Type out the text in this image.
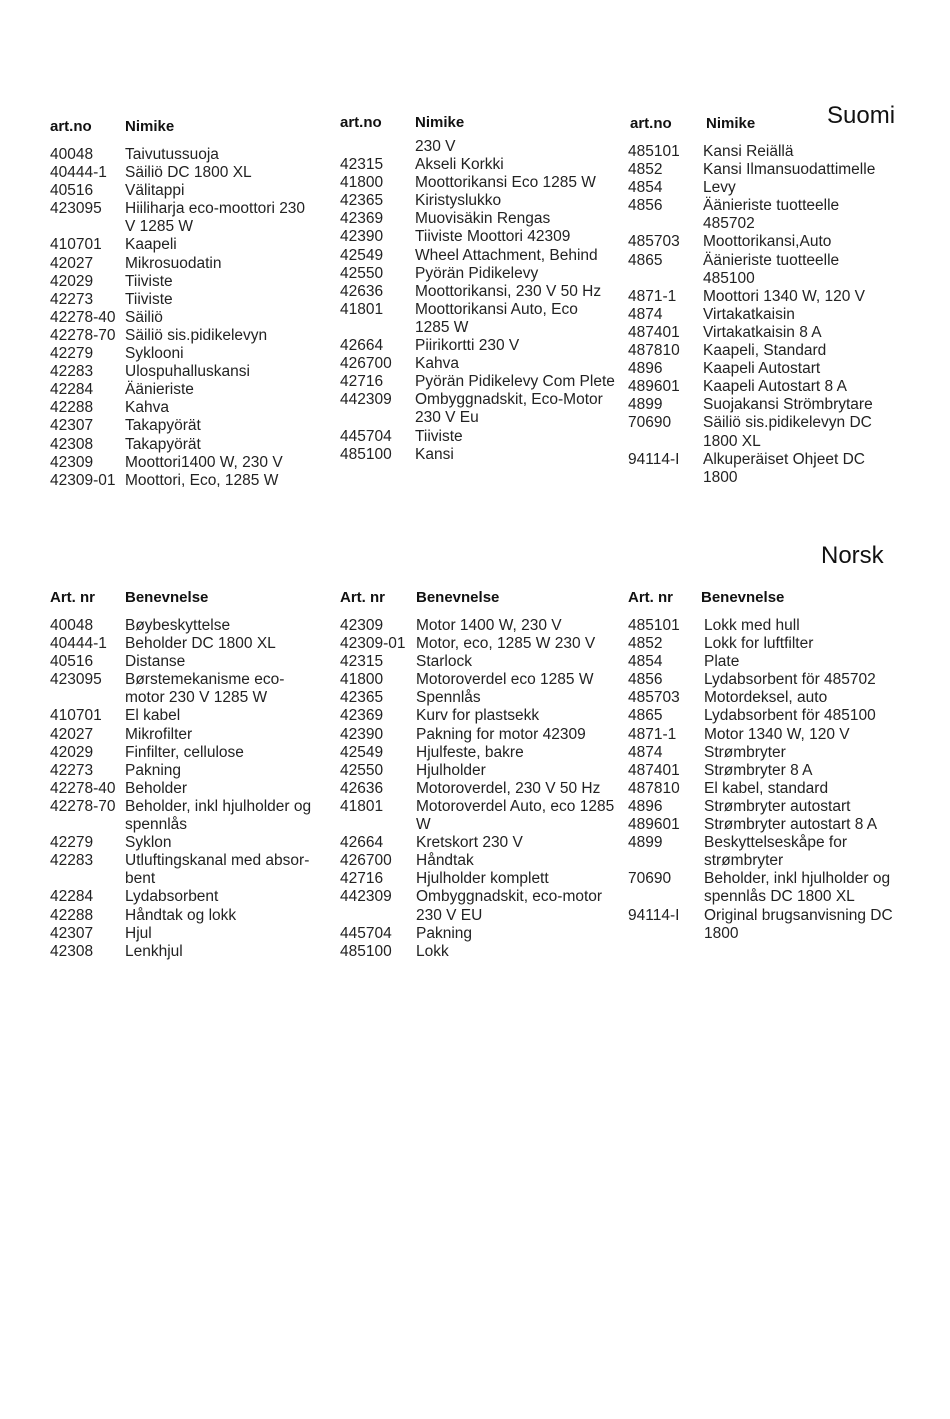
Suomi
art.no Nimike
40048	Taivutussuoja
40444-1	Säiliö DC 1800 XL
40516	Välitappi
423095	Hiiliharja eco-moottori 230 V 1285 W
410701	Kaapeli
42027	Mikrosuodatin
42029	Tiiviste
42273	Tiiviste
42278-40 Säiliö
42278-70 Säiliö sis.pidikelevyn
42279	Syklooni
42283	Ulospuhalluskansi
42284	Äänieriste
42288	Kahva
42307	Takapyörät
42308	Takapyörät
42309	Moottori1400 W, 230 V
42309-01 Moottori, Eco, 1285 W
art.no Nimike
230 V
42315	Akseli Korkki
41800	Moottorikansi Eco 1285 W
42365	Kiristyslukko
42369	Muovisäkin Rengas
42390	Tiiviste Moottori 42309
42549	Wheel Attachment, Behind
42550	Pyörän Pidikelevy
42636	Moottorikansi, 230 V 50 Hz
41801	Moottorikansi Auto, Eco 1285 W
42664	Piirikortti 230 V
426700	Kahva
42716	Pyörän Pidikelevy Com Plete
442309	Ombyggnadskit, Eco-Motor 230 V Eu
445704	Tiiviste
485100	Kansi
art.no Nimike
485101	Kansi Reiällä
4852	Kansi Ilmansuodattimelle
4854	Levy
4856	Äänieriste tuotteelle 485702
485703	Moottorikansi,Auto
4865	Äänieriste tuotteelle 485100
4871-1	Moottori 1340 W, 120 V
4874	Virtakatkaisin
487401	Virtakatkaisin 8 A
487810	Kaapeli, Standard
4896	Kaapeli Autostart
489601	Kaapeli Autostart 8 A
4899	Suojakansi Strömbrytare
70690	Säiliö sis.pidikelevyn DC 1800 XL
94114-I	Alkuperäiset Ohjeet DC 1800
Norsk
Art. nr Benevnelse
40048	Bøybeskyttelse
40444-1	Beholder DC 1800 XL
40516	Distanse
423095	Børstemekanisme eco-motor 230 V 1285 W
410701	El kabel
42027	Mikrofilter
42029	Finfilter, cellulose
42273	Pakning
42278-40 Beholder
42278-70 Beholder, inkl hjulholder og spennlås
42279	Syklon
42283	Utluftingskanal med absor-bent
42284	Lydabsorbent
42288	Håndtak og lokk
42307	Hjul
42308	Lenkhjul
Art. nr Benevnelse
42309	Motor 1400 W, 230 V
42309-01 Motor, eco, 1285 W 230 V
42315	Starlock
41800	Motoroverdel eco 1285 W
42365	Spennlås
42369	Kurv for plastsekk
42390	Pakning for motor 42309
42549	Hjulfeste, bakre
42550	Hjulholder
42636	Motoroverdel, 230 V 50 Hz
41801	Motoroverdel Auto, eco 1285 W
42664	Kretskort 230 V
426700	Håndtak
42716	Hjulholder komplett
442309	Ombyggnadskit, eco-motor 230 V EU
445704	Pakning
485100	Lokk
Art. nr Benevnelse
485101	Lokk med hull
4852	Lokk for luftfilter
4854	Plate
4856	Lydabsorbent för 485702
485703	Motordeksel, auto
4865	Lydabsorbent för 485100
4871-1	Motor 1340 W, 120 V
4874	Strømbryter
487401	Strømbryter 8 A
487810	El kabel, standard
4896	Strømbryter autostart
489601	Strømbryter autostart 8 A
4899	Beskyttelseskåpe for strømbryter
70690	Beholder, inkl hjulholder og spennlås DC 1800 XL
94114-I	Original brugsanvisning DC 1800
